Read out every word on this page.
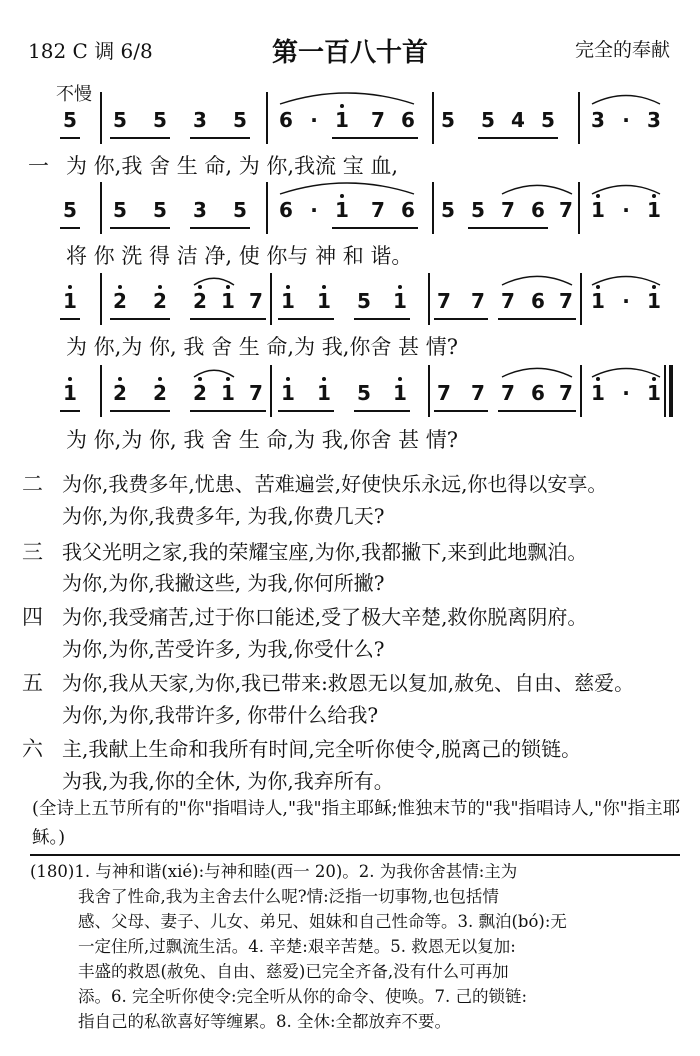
182 C 调 6/8	第一百八十首	完全的奉献
不慢
5 5 5 3 5 6 · 1 7 6 5 5 4 5 3 · 3
5 5 5 3 5 6 · 1 7 6 5 5 7 6 7 1 · 1
1 2 2 2 1 7 1 1 5 1 7 7 7 6 7 1 · 1
1 2 2 2 1 7 1 1 5 1 7 7 7 6 7 1 · 1
一 为 你,我 舍 生 命, 为 你,我流 宝 血,
将 你 洗 得 洁 净, 使 你与 神 和 谐。
为 你,为 你, 我 舍 生 命,为 我,你舍 甚 情?
为 你,为 你, 我 舍 生 命,为 我,你舍 甚 情?
二 为你,我费多年,忧患、苦难遍尝,好使快乐永远,你也得以安享。
为你,为你,我费多年, 为我,你费几天?
三 我父光明之家,我的荣耀宝座,为你,我都撇下,来到此地飘泊。
为你,为你,我撇这些, 为我,你何所撇?
四 为你,我受痛苦,过于你口能述,受了极大辛楚,救你脱离阴府。
为你,为你,苦受许多, 为我,你受什么?
五 为你,我从天家,为你,我已带来:救恩无以复加,赦免、自由、慈爱。
为你,为你,我带许多, 你带什么给我?
六 主,我献上生命和我所有时间,完全听你使令,脱离己的锁链。
为我,为我,你的全休, 为你,我弃所有。
(全诗上五节所有的"你"指唱诗人,"我"指主耶稣;惟独末节的"我"指唱诗人,"你"指主耶稣。)
(180)1. 与神和谐(xié):与神和睦(西一 20)。2. 为我你舍甚情:主为
我舍了性命,我为主舍去什么呢?情:泛指一切事物,也包括情
感、父母、妻子、儿女、弟兄、姐妹和自己性命等。3. 飘泊(bó):无
一定住所,过飘流生活。4. 辛楚:艰辛苦楚。5. 救恩无以复加:
丰盛的救恩(赦免、自由、慈爱)已完全齐备,没有什么可再加
添。6. 完全听你使令:完全听从你的命令、使唤。7. 己的锁链:
指自己的私欲喜好等缠累。8. 全休:全都放弃不要。
